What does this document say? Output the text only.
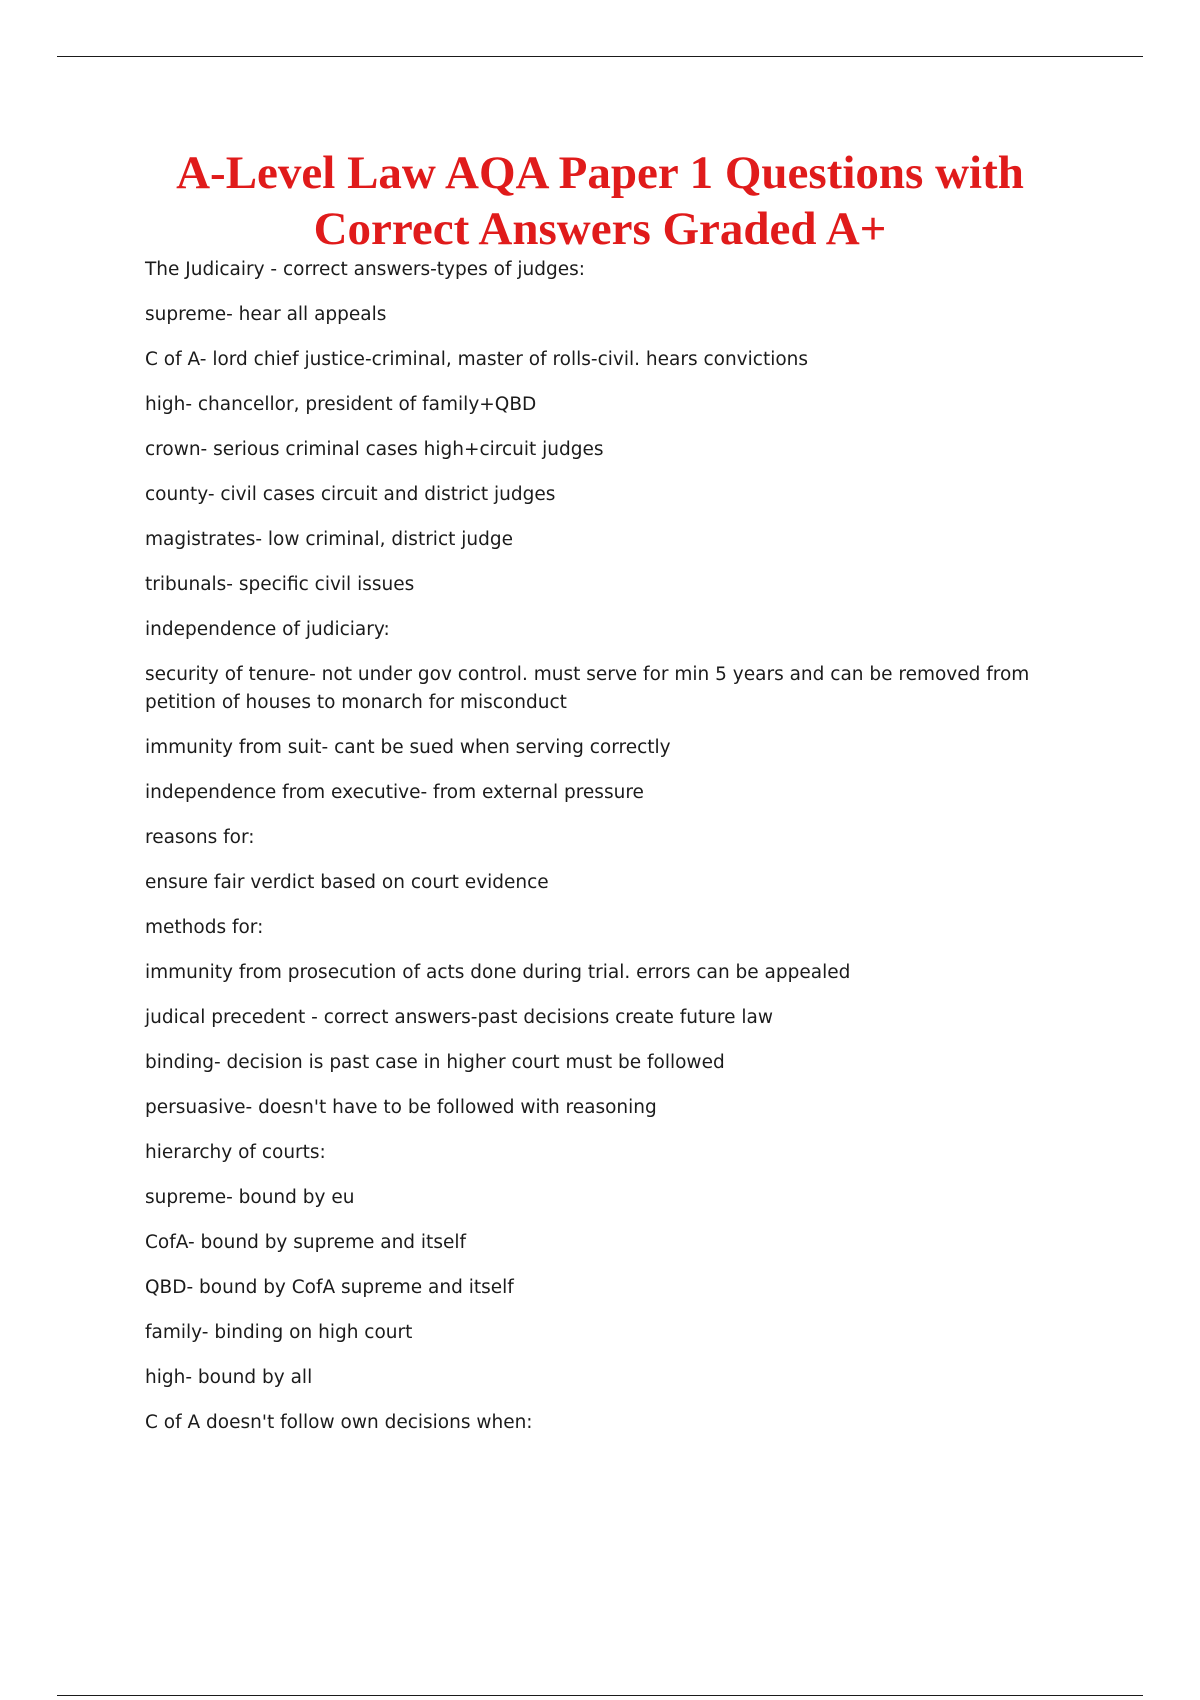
A-Level Law AQA Paper 1 Questions with
Correct Answers Graded A+
The Judicairy - correct answers-types of judges:
supreme- hear all appeals
C of A- lord chief justice-criminal, master of rolls-civil. hears convictions
high- chancellor, president of family+QBD
crown- serious criminal cases high+circuit judges
county- civil cases circuit and district judges
magistrates- low criminal, district judge
tribunals- specific civil issues
independence of judiciary:
security of tenure- not under gov control. must serve for min 5 years and can be removed from petition of houses to monarch for misconduct
immunity from suit- cant be sued when serving correctly
independence from executive- from external pressure
reasons for:
ensure fair verdict based on court evidence
methods for:
immunity from prosecution of acts done during trial. errors can be appealed
judical precedent - correct answers-past decisions create future law
binding- decision is past case in higher court must be followed
persuasive- doesn't have to be followed with reasoning
hierarchy of courts:
supreme- bound by eu
CofA- bound by supreme and itself
QBD- bound by CofA supreme and itself
family- binding on high court
high- bound by all
C of A doesn't follow own decisions when:
